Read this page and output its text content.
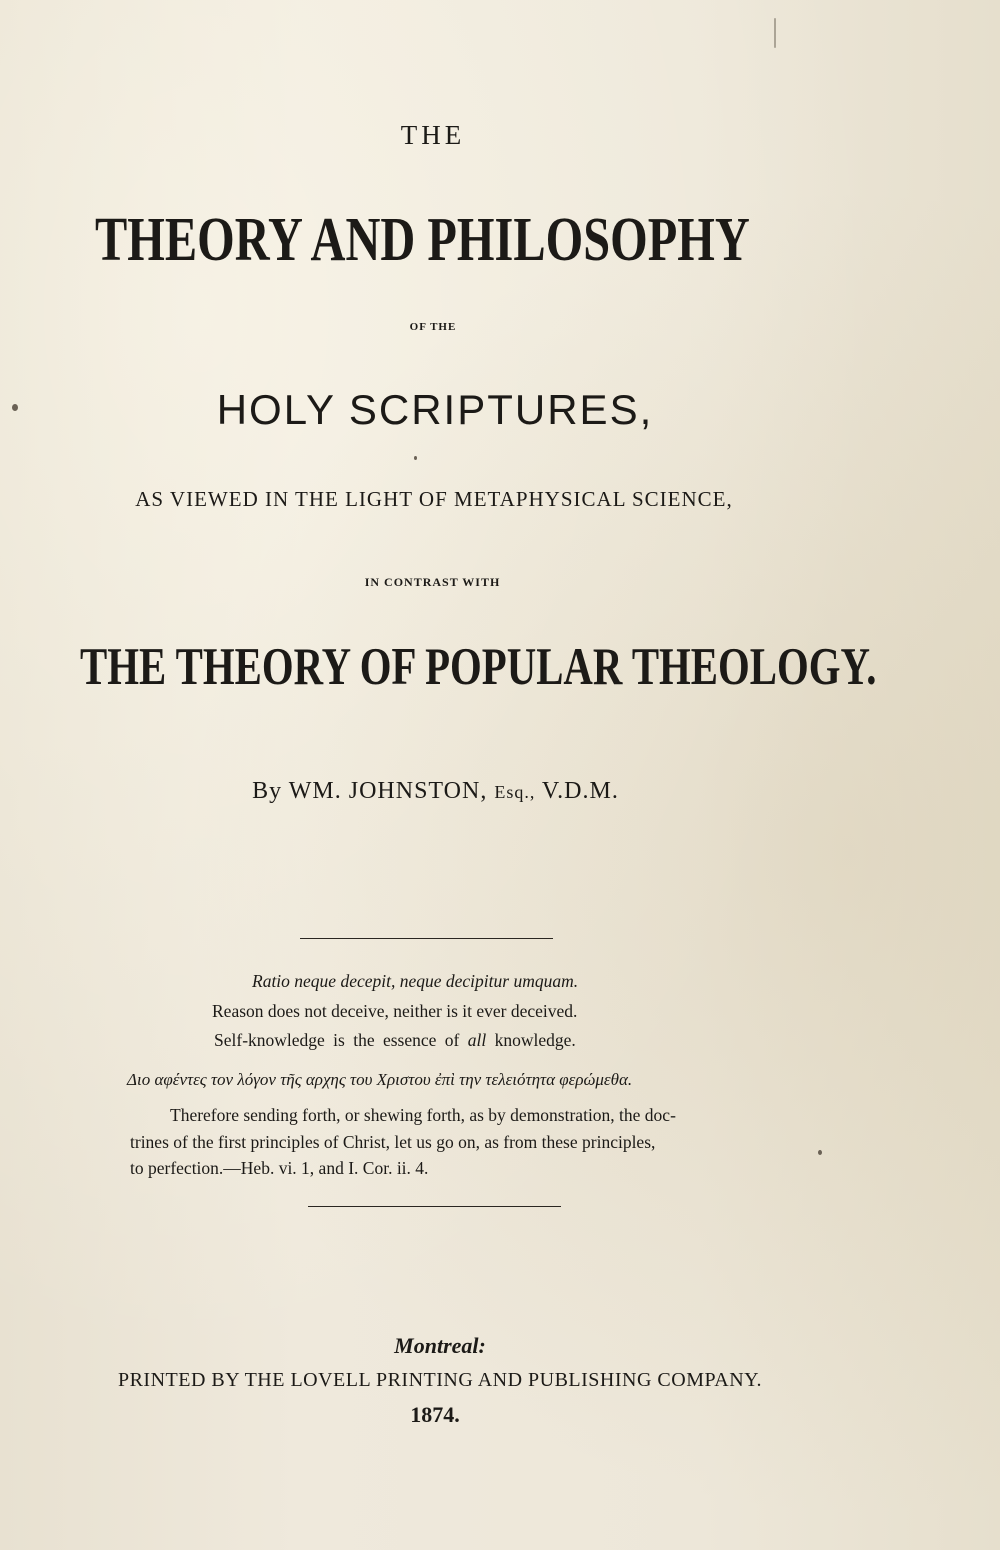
THE
THEORY AND PHILOSOPHY
OF THE
HOLY SCRIPTURES,
AS VIEWED IN THE LIGHT OF METAPHYSICAL SCIENCE,
IN CONTRAST WITH
THE THEORY OF POPULAR THEOLOGY.
By WM. JOHNSTON, Esq., V.D.M.
Ratio neque decepit, neque decipitur umquam.
Reason does not deceive, neither is it ever deceived.
Self-knowledge is the essence of all knowledge.
Διο αφέντες τον λόγον τῆς αρχης του Χριστου ἐπὶ την τελειότητα φερώμεθα.
Therefore sending forth, or shewing forth, as by demonstration, the doc-
trines of the first principles of Christ, let us go on, as from these principles,
to perfection.—Heb. vi. 1, and I. Cor. ii. 4.
Montreal:
PRINTED BY THE LOVELL PRINTING AND PUBLISHING COMPANY.
1874.
